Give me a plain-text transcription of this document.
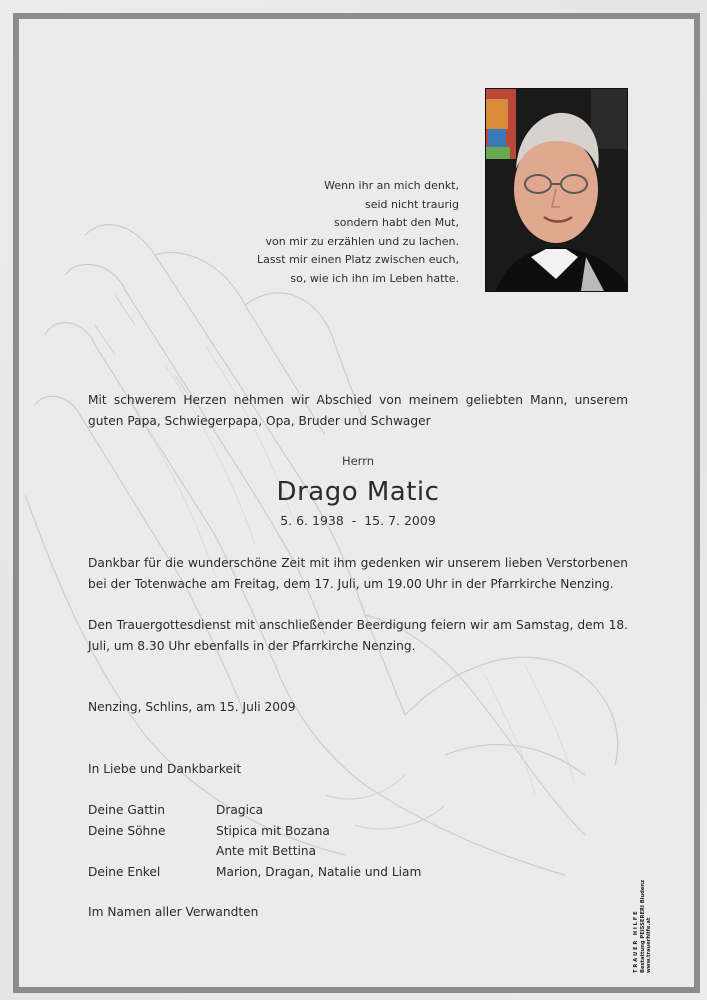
Wenn ihr an mich denkt,
seid nicht traurig
sondern habt den Mut,
von mir zu erzählen und zu lachen.
Lasst mir einen Platz zwischen euch,
so, wie ich ihn im Leben hatte.
Mit schwerem Herzen nehmen wir Abschied von meinem geliebten Mann, unserem guten Papa, Schwiegerpapa, Opa, Bruder und Schwager
Herrn
Drago Matic
5. 6. 1938  -  15. 7. 2009
Dankbar für die wunderschöne Zeit mit ihm gedenken wir unserem lieben Verstorbenen bei der Totenwache am Freitag, dem 17. Juli, um 19.00 Uhr in der Pfarrkirche Nenzing.
Den Trauergottesdienst mit anschließender Beerdigung feiern wir am Samstag, dem 18. Juli, um 8.30 Uhr ebenfalls in der Pfarrkirche Nenzing.
Nenzing, Schlins, am 15. Juli 2009
In Liebe und Dankbarkeit
Deine Gattin	Dragica
Deine Söhne	Stipica mit Bozana
Ante mit Bettina
Deine Enkel	Marion, Dragan, Natalie und Liam
Im Namen aller Verwandten	T R A U E R   H I L F E Bestattung PEISSERERI Bludenz www.trauerhilfe.at
